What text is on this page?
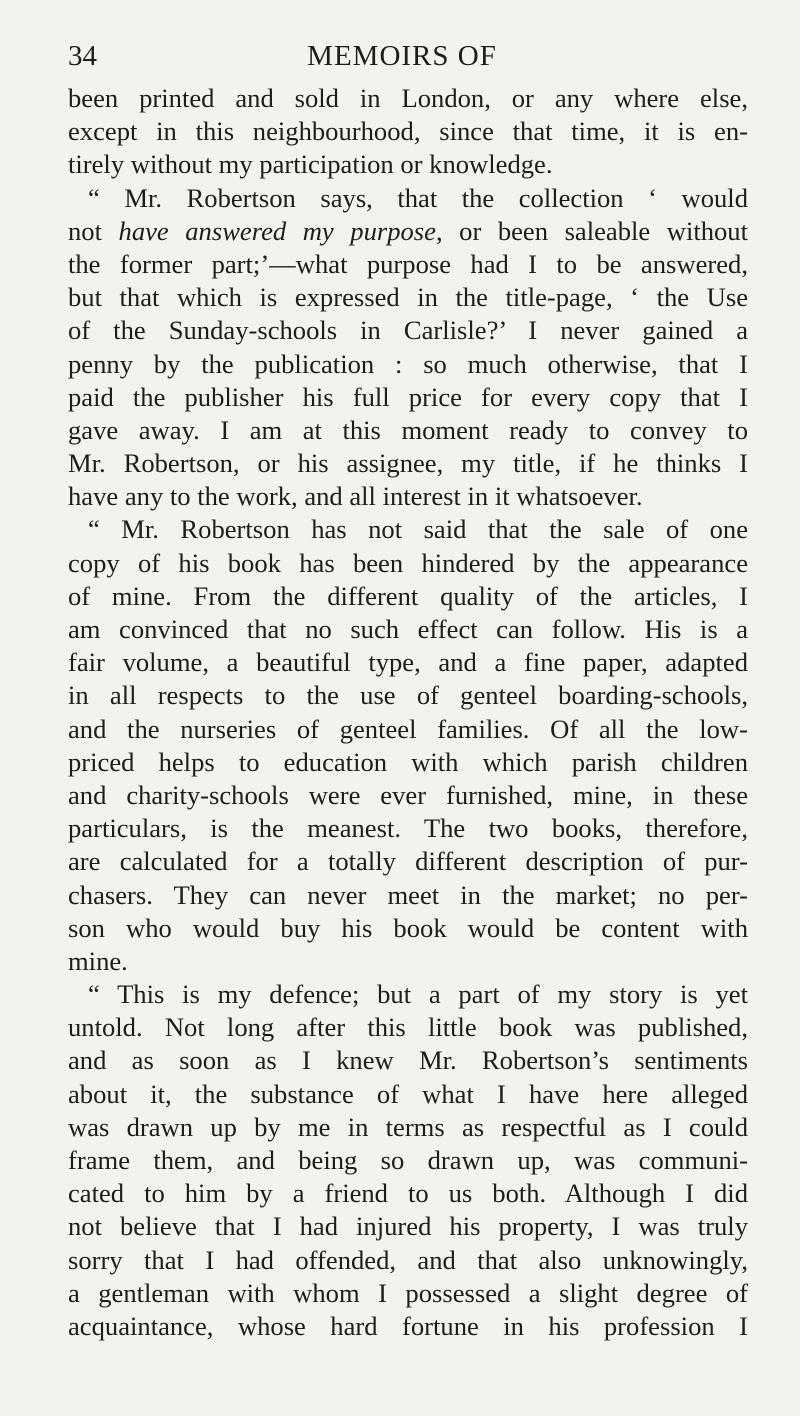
34	MEMOIRS OF
been printed and sold in London, or any where else,
except in this neighbourhood, since that time, it is en-
tirely without my participation or knowledge.
“ Mr. Robertson says, that the collection ‘ would
not have answered my purpose, or been saleable without
the former part;’—what purpose had I to be answered,
but that which is expressed in the title-page, ‘ the Use
of the Sunday-schools in Carlisle?’ I never gained a
penny by the publication : so much otherwise, that I
paid the publisher his full price for every copy that I
gave away. I am at this moment ready to convey to
Mr. Robertson, or his assignee, my title, if he thinks I
have any to the work, and all interest in it whatsoever.
“ Mr. Robertson has not said that the sale of one
copy of his book has been hindered by the appearance
of mine. From the different quality of the articles, I
am convinced that no such effect can follow. His is a
fair volume, a beautiful type, and a fine paper, adapted
in all respects to the use of genteel boarding-schools,
and the nurseries of genteel families. Of all the low-
priced helps to education with which parish children
and charity-schools were ever furnished, mine, in these
particulars, is the meanest. The two books, therefore,
are calculated for a totally different description of pur-
chasers. They can never meet in the market; no per-
son who would buy his book would be content with
mine.
“ This is my defence; but a part of my story is yet
untold. Not long after this little book was published,
and as soon as I knew Mr. Robertson’s sentiments
about it, the substance of what I have here alleged
was drawn up by me in terms as respectful as I could
frame them, and being so drawn up, was communi-
cated to him by a friend to us both. Although I did
not believe that I had injured his property, I was truly
sorry that I had offended, and that also unknowingly,
a gentleman with whom I possessed a slight degree of
acquaintance, whose hard fortune in his profession I
